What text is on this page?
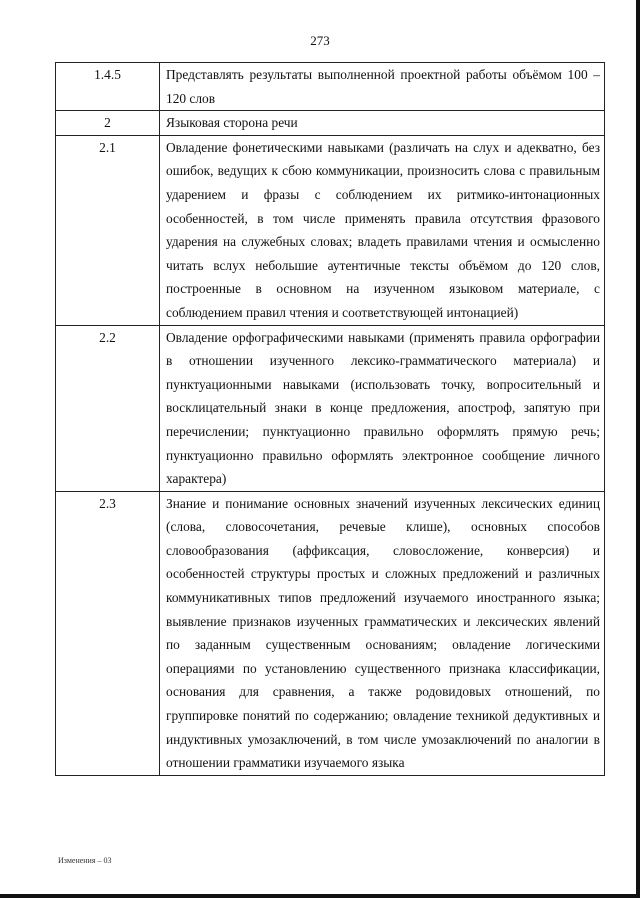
273
1.4.5	Представлять результаты выполненной проектной работы объёмом 100 – 120 слов
2	Языковая сторона речи
2.1	Овладение фонетическими навыками (различать на слух и адекватно, без ошибок, ведущих к сбою коммуникации, произносить слова с правильным ударением и фразы с соблюдением их ритмико-интонационных особенностей, в том числе применять правила отсутствия фразового ударения на служебных словах; владеть правилами чтения и осмысленно читать вслух небольшие аутентичные тексты объёмом до 120 слов, построенные в основном на изученном языковом материале, с соблюдением правил чтения и соответствующей интонацией)
2.2	Овладение орфографическими навыками (применять правила орфографии в отношении изученного лексико-грамматического материала) и пунктуационными навыками (использовать точку, вопросительный и восклицательный знаки в конце предложения, апостроф, запятую при перечислении; пунктуационно правильно оформлять прямую речь; пунктуационно правильно оформлять электронное сообщение личного характера)
2.3	Знание и понимание основных значений изученных лексических единиц (слова, словосочетания, речевые клише), основных способов словообразования (аффиксация, словосложение, конверсия) и особенностей структуры простых и сложных предложений и различных коммуникативных типов предложений изучаемого иностранного языка; выявление признаков изученных грамматических и лексических явлений по заданным существенным основаниям; овладение логическими операциями по установлению существенного признака классификации, основания для сравнения, а также родовидовых отношений, по группировке понятий по содержанию; овладение техникой дедуктивных и индуктивных умозаключений, в том числе умозаключений по аналогии в отношении грамматики изучаемого языка
Изменения – 03
